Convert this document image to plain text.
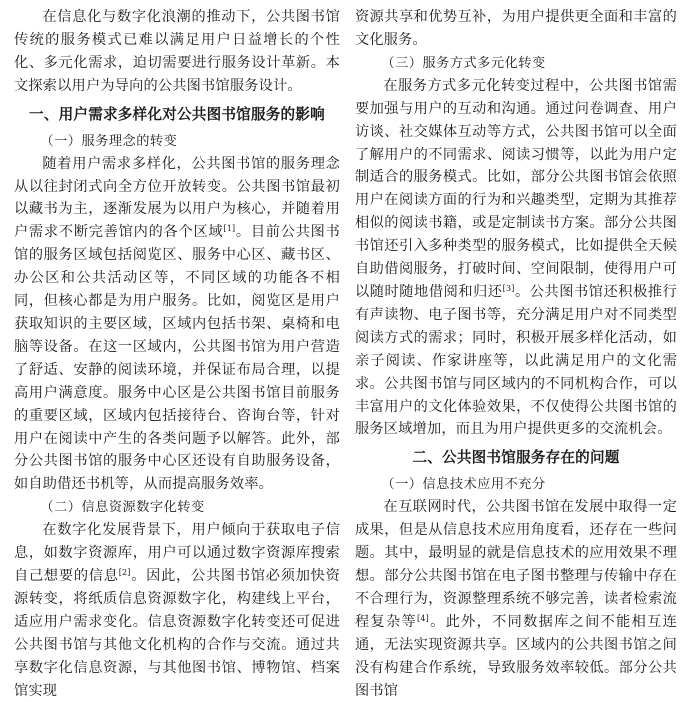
在信息化与数字化浪潮的推动下，公共图书馆传统的服务模式已难以满足用户日益增长的个性化、多元化需求，迫切需要进行服务设计革新。本文探索以用户为导向的公共图书馆服务设计。

一、用户需求多样化对公共图书馆服务的影响
（一）服务理念的转变

随着用户需求多样化，公共图书馆的服务理念从以往封闭式向全方位开放转变。公共图书馆最初以藏书为主，逐渐发展为以用户为核心，并随着用户需求不断完善馆内的各个区域[1]。目前公共图书馆的服务区域包括阅览区、服务中心区、藏书区、办公区和公共活动区等，不同区域的功能各不相同，但核心都是为用户服务。比如，阅览区是用户获取知识的主要区域，区域内包括书架、桌椅和电脑等设备。在这一区域内，公共图书馆为用户营造了舒适、安静的阅读环境，并保证布局合理，以提高用户满意度。服务中心区是公共图书馆目前服务的重要区域，区域内包括接待台、咨询台等，针对用户在阅读中产生的各类问题予以解答。此外，部分公共图书馆的服务中心区还设有自助服务设备，如自助借还书机等，从而提高服务效率。

（二）信息资源数字化转变

在数字化发展背景下，用户倾向于获取电子信息，如数字资源库，用户可以通过数字资源库搜索自己想要的信息[2]。因此，公共图书馆必须加快资源转变，将纸质信息资源数字化，构建线上平台，适应用户需求变化。信息资源数字化转变还可促进公共图书馆与其他文化机构的合作与交流。通过共享数字化信息资源，与其他图书馆、博物馆、档案馆实现

资源共享和优势互补，为用户提供更全面和丰富的文化服务。

（三）服务方式多元化转变

在服务方式多元化转变过程中，公共图书馆需要加强与用户的互动和沟通。通过问卷调查、用户访谈、社交媒体互动等方式，公共图书馆可以全面了解用户的不同需求、阅读习惯等，以此为用户定制适合的服务模式。比如，部分公共图书馆会依照用户在阅读方面的行为和兴趣类型，定期为其推荐相似的阅读书籍，或是定制读书方案。部分公共图书馆还引入多种类型的服务模式，比如提供全天候自助借阅服务，打破时间、空间限制，使得用户可以随时随地借阅和归还[3]。公共图书馆还积极推行有声读物、电子图书等，充分满足用户对不同类型阅读方式的需求；同时，积极开展多样化活动，如亲子阅读、作家讲座等，以此满足用户的文化需求。公共图书馆与同区域内的不同机构合作，可以丰富用户的文化体验效果，不仅使得公共图书馆的服务区域增加，而且为用户提供更多的交流机会。

二、公共图书馆服务存在的问题
（一）信息技术应用不充分

在互联网时代，公共图书馆在发展中取得一定成果，但是从信息技术应用角度看，还存在一些问题。其中，最明显的就是信息技术的应用效果不理想。部分公共图书馆在电子图书整理与传输中存在不合理行为，资源整理系统不够完善，读者检索流程复杂等[4]。此外，不同数据库之间不能相互连通，无法实现资源共享。区域内的公共图书馆之间没有构建合作系统，导致服务效率较低。部分公共图书馆
